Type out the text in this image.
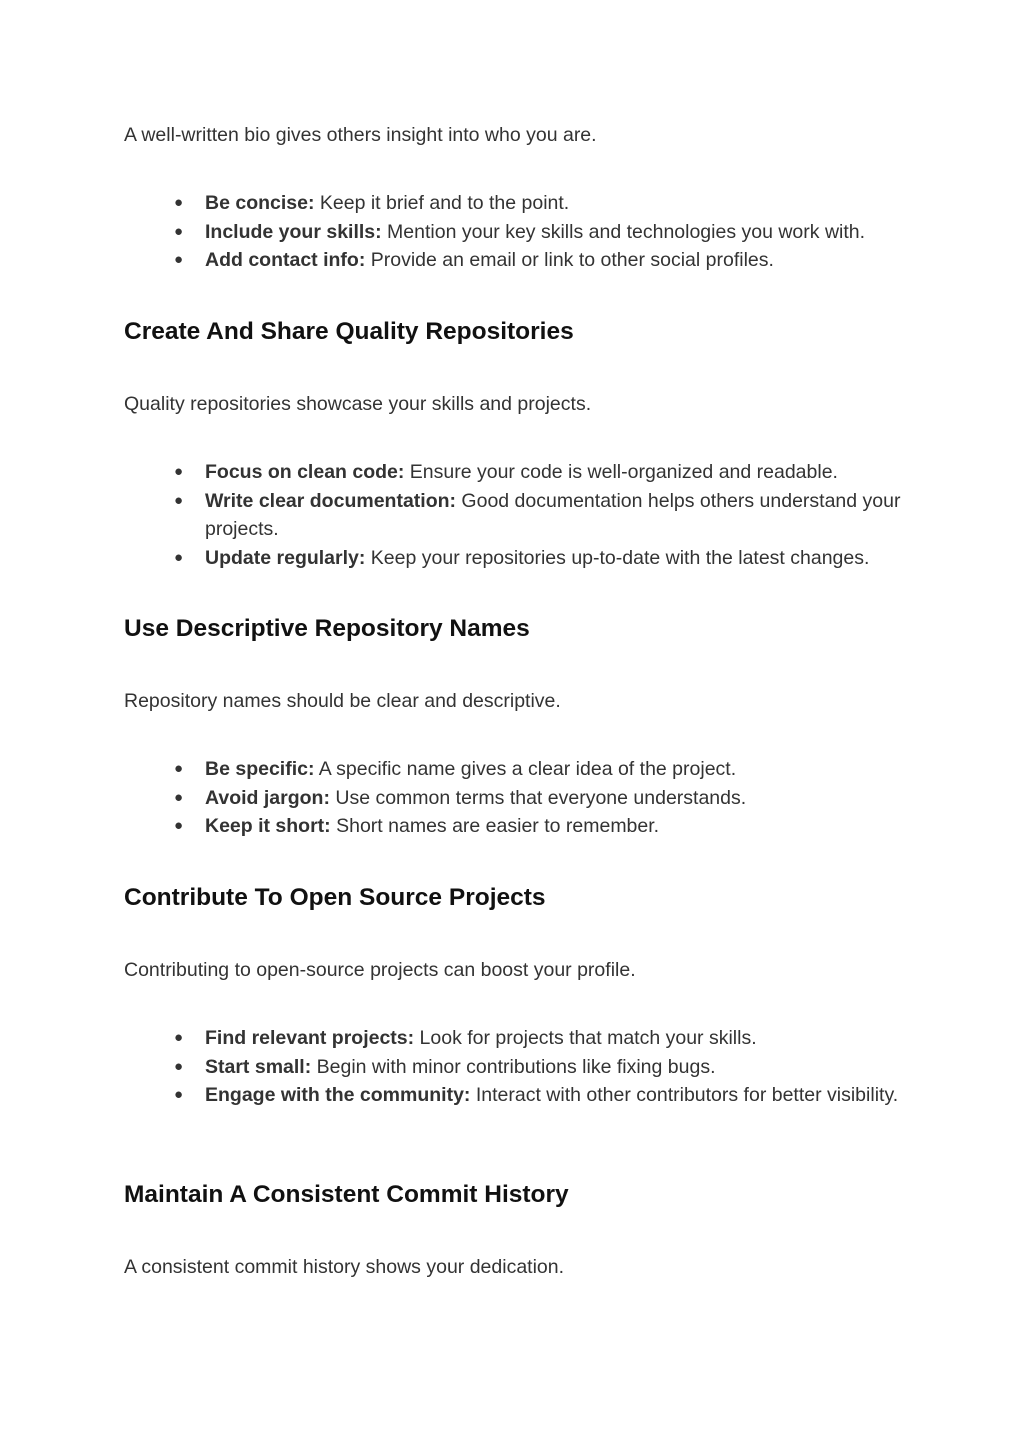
A well-written bio gives others insight into who you are.

● Be concise: Keep it brief and to the point.
● Include your skills: Mention your key skills and technologies you work with.
● Add contact info: Provide an email or link to other social profiles.
Create And Share Quality Repositories

Quality repositories showcase your skills and projects.

● Focus on clean code: Ensure your code is well-organized and readable.
● Write clear documentation: Good documentation helps others understand your projects.
● Update regularly: Keep your repositories up-to-date with the latest changes.
Use Descriptive Repository Names

Repository names should be clear and descriptive.

● Be specific: A specific name gives a clear idea of the project.
● Avoid jargon: Use common terms that everyone understands.
● Keep it short: Short names are easier to remember.
Contribute To Open Source Projects

Contributing to open-source projects can boost your profile.

● Find relevant projects: Look for projects that match your skills.
● Start small: Begin with minor contributions like fixing bugs.
● Engage with the community: Interact with other contributors for better visibility.
Maintain A Consistent Commit History

A consistent commit history shows your dedication.
